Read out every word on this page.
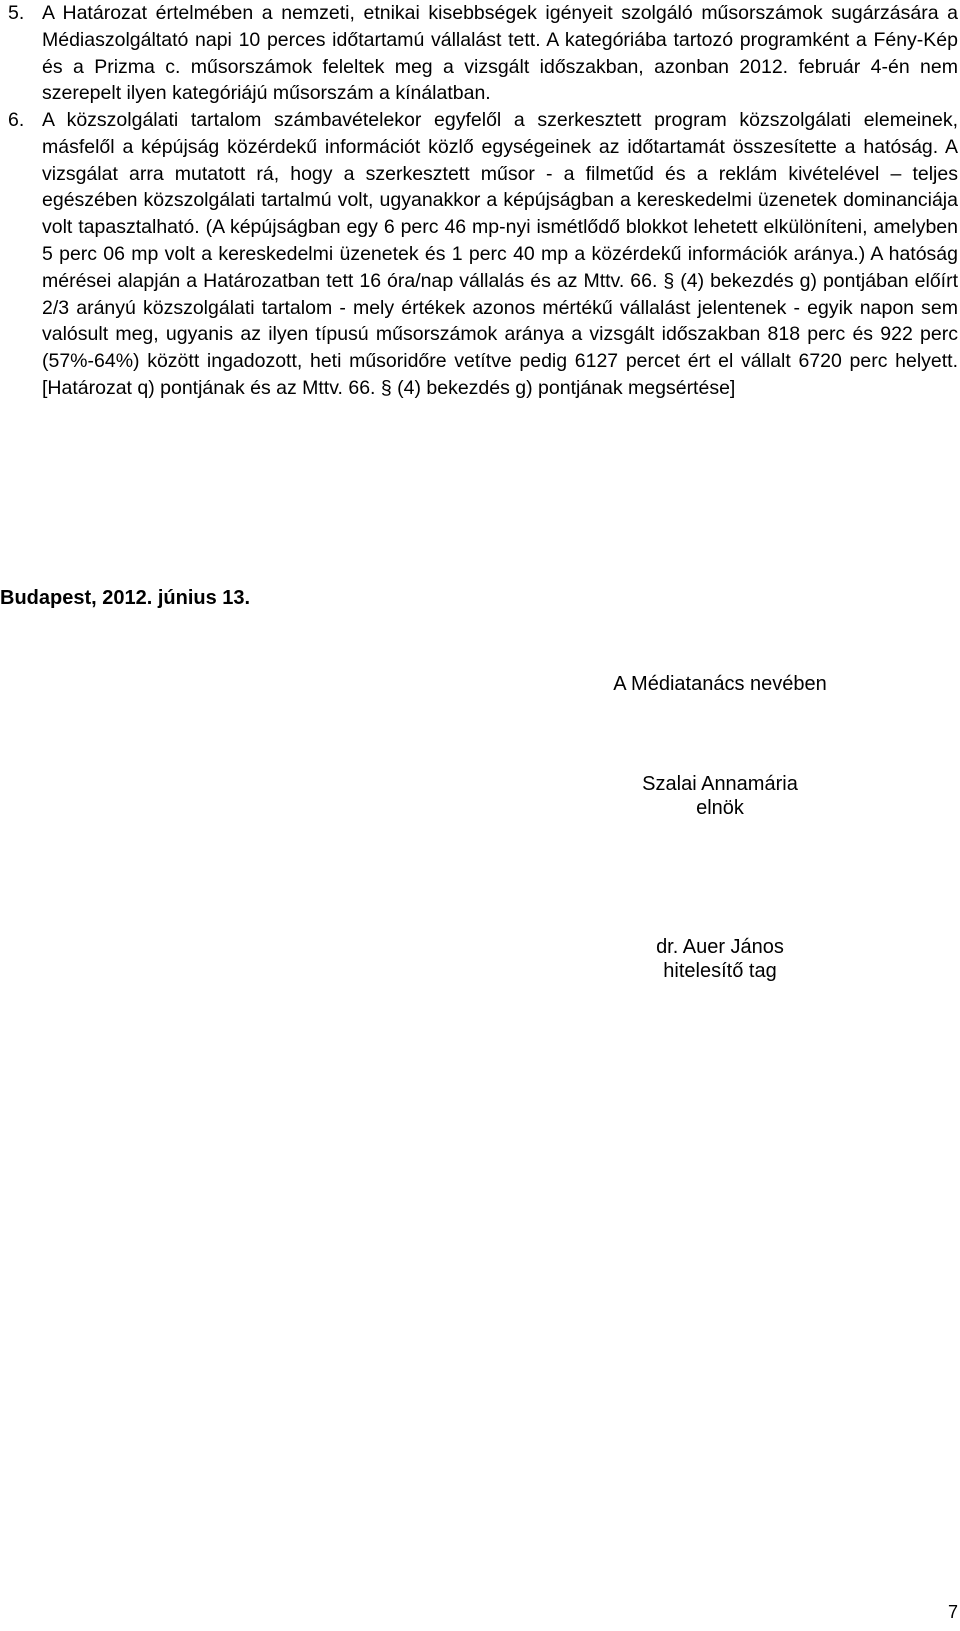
5. A Határozat értelmében a nemzeti, etnikai kisebbségek igényeit szolgáló műsorszámok sugárzására a Médiaszolgáltató napi 10 perces időtartamú vállalást tett. A kategóriába tartozó programként a Fény-Kép és a Prizma c. műsorszámok feleltek meg a vizsgált időszakban, azonban 2012. február 4-én nem szerepelt ilyen kategóriájú műsorszám a kínálatban.
6. A közszolgálati tartalom számbavételekor egyfelől a szerkesztett program közszolgálati elemeinek, másfelől a képújság közérdekű információt közlő egységeinek az időtartamát összesítette a hatóság. A vizsgálat arra mutatott rá, hogy a szerkesztett műsor - a filmetűd és a reklám kivételével – teljes egészében közszolgálati tartalmú volt, ugyanakkor a képújságban a kereskedelmi üzenetek dominanciája volt tapasztalható. (A képújságban egy 6 perc 46 mp-nyi ismétlődő blokkot lehetett elkülöníteni, amelyben 5 perc 06 mp volt a kereskedelmi üzenetek és 1 perc 40 mp a közérdekű információk aránya.) A hatóság mérései alapján a Határozatban tett 16 óra/nap vállalás és az Mttv. 66. § (4) bekezdés g) pontjában előírt 2/3 arányú közszolgálati tartalom - mely értékek azonos mértékű vállalást jelentenek - egyik napon sem valósult meg, ugyanis az ilyen típusú műsorszámok aránya a vizsgált időszakban 818 perc és 922 perc (57%-64%) között ingadozott, heti műsoridőre vetítve pedig 6127 percet ért el vállalt 6720 perc helyett. [Határozat q) pontjának és az Mttv. 66. § (4) bekezdés g) pontjának megsértése]
Budapest, 2012. június 13.
A Médiatanács nevében
Szalai Annamária
elnök
dr. Auer János
hitelesítő tag
7
